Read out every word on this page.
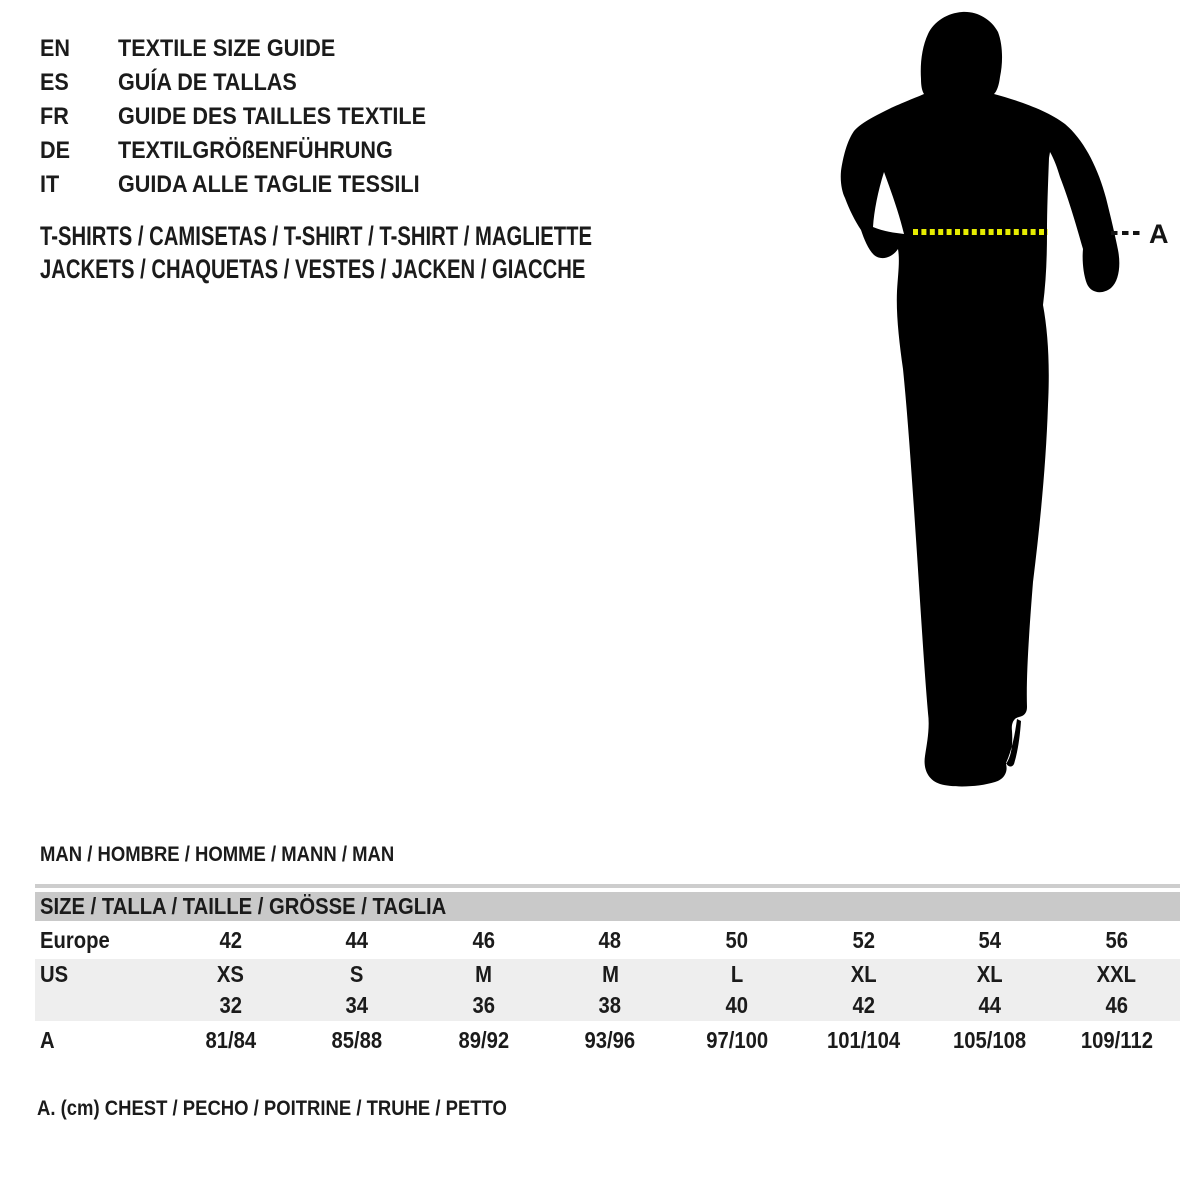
EN	TEXTILE SIZE GUIDE
ES	GUÍA DE TALLAS
FR	GUIDE DES TAILLES TEXTILE
DE	TEXTILGRÖßENFÜHRUNG
IT	GUIDA ALLE TAGLIE TESSILI
T-SHIRTS / CAMISETAS / T-SHIRT / T-SHIRT / MAGLIETTE
JACKETS / CHAQUETAS / VESTES / JACKEN / GIACCHE
A
MAN / HOMBRE / HOMME / MANN / MAN
SIZE / TALLA / TAILLE / GRÖSSE / TAGLIA
Europe	42	44	46	48	50	52	54	56
US	XS	S	M	M	L	XL	XL	XXL
	32	34	36	38	40	42	44	46
A	81/84	85/88	89/92	93/96	97/100	101/104	105/108	109/112

A. (cm) CHEST / PECHO / POITRINE / TRUHE / PETTO
